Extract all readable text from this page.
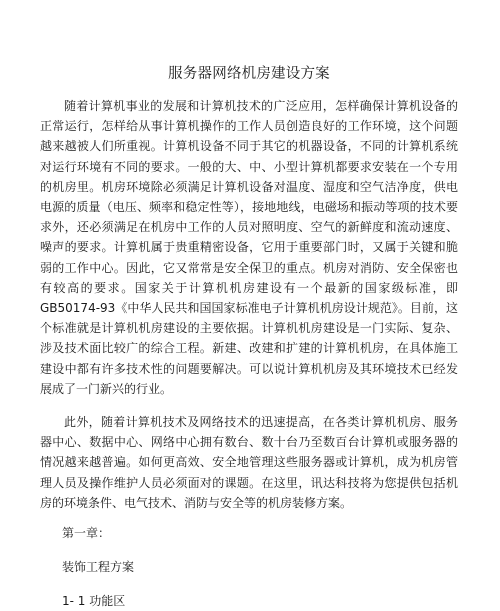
服务器网络机房建设方案

随着计算机事业的发展和计算机技术的广泛应用，怎样确保计算机设备的正常运行，怎样给从事计算机操作的工作人员创造良好的工作环境，这个问题越来越被人们所重视。计算机设备不同于其它的机器设备，不同的计算机系统对运行环境有不同的要求。一般的大、中、小型计算机都要求安装在一个专用的机房里。机房环境除必须满足计算机设备对温度、湿度和空气洁净度，供电电源的质量（电压、频率和稳定性等），接地地线，电磁场和振动等项的技术要求外，还必须满足在机房中工作的人员对照明度、空气的新鲜度和流动速度、噪声的要求。计算机属于贵重精密设备，它用于重要部门时，又属于关键和脆弱的工作中心。因此，它又常常是安全保卫的重点。机房对消防、安全保密也有较高的要求。国家关于计算机机房建设有一个最新的国家级标准，即 GB50174-93《中华人民共和国国家标准电子计算机机房设计规范》。目前，这个标准就是计算机机房建设的主要依据。计算机机房建设是一门实际、复杂、涉及技术面比较广的综合工程。新建、改建和扩建的计算机机房，在具体施工建设中都有许多技术性的问题要解决。可以说计算机机房及其环境技术已经发展成了一门新兴的行业。

此外，随着计算机技术及网络技术的迅速提高，在各类计算机机房、服务器中心、数据中心、网络中心拥有数台、数十台乃至数百台计算机或服务器的情况越来越普遍。如何更高效、安全地管理这些服务器或计算机，成为机房管理人员及操作维护人员必须面对的课题。在这里，讯达科技将为您提供包括机房的环境条件、电气技术、消防与安全等的机房装修方案。

第一章：

装饰工程方案

1- 1 功能区
